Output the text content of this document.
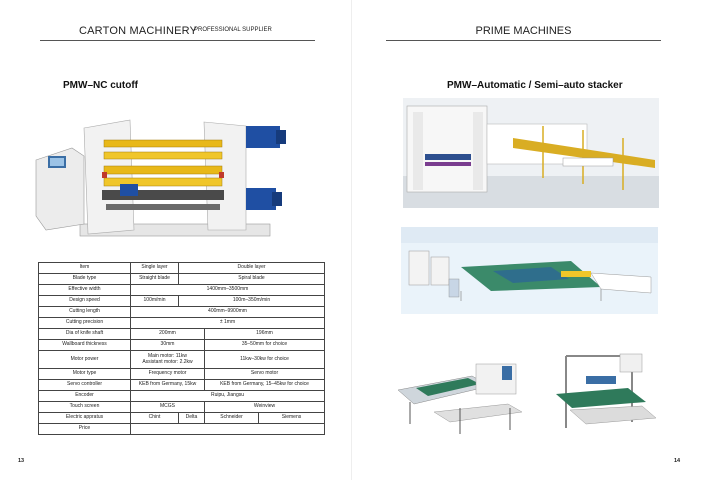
CARTON MACHINERY
PROFESSIONAL SUPPLIER
PMW–NC cutoff
Item	Single layer	Double layer		
Blade type	Straight blade	Spiral blade		
Effective width	1400mm–3500mm			
Design speed	100m/min	100m–350m/min		
Cutting length	400mm–9900mm			
Cutting precision	± 1mm			
Dia of knife shaft	200mm		196mm	
Wallboard thickness	30mm		35–50mm for choice	
Motor power	Main motor: 11kw
Assistant motor: 2.2kw		11kw–30kw for choice	
Motor type	Frequency motor		Servo motor	
Servo controller	KEB from Germany, 15kw		KEB from Germany, 15–45kw for choice	
Encoder	Ruipu, Jiangsu			
Touch screen	MCGS		Weinview	
Electric appratus	Chint	Delta	Schneider	Siemens
Price				
13
PRIME MACHINES
PMW–Automatic / Semi–auto stacker
14
